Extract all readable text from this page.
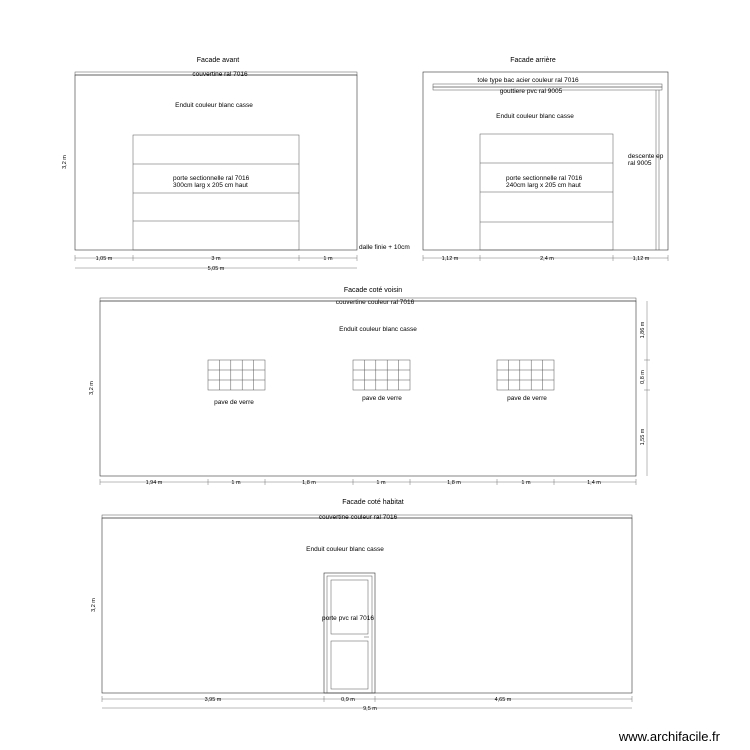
Facade avant
couvertine ral 7016
Enduit couleur blanc casse
porte sectionnelle ral 7016
300cm larg x 205 cm haut
dalle finie + 10cm
3,2 m
1,05 m	3 m	1 m
5,05 m
Facade arrière
tole type bac acier couleur ral 7016
gouttiere pvc ral 9005
Enduit couleur blanc casse
porte sectionnelle ral 7016
240cm larg x 205 cm haut
descente ep
ral 9005
1,12 m	2,4 m	1,12 m
Facade coté voisin
couvertine couleur ral 7016
Enduit couleur blanc casse
pave de verre
pave de verre	pave de verre
3,2 m
1,86 m
0,8 m
1,55 m
1,94 m	1 m	1,8 m	1 m	1,8 m	1 m	1,4 m
Facade coté habitat
couvertine couleur ral 7016
Enduit couleur blanc casse
porte pvc ral 7016
3,2 m
3,95 m	0,9 m	4,65 m
9,5 m
www.archifacile.fr
